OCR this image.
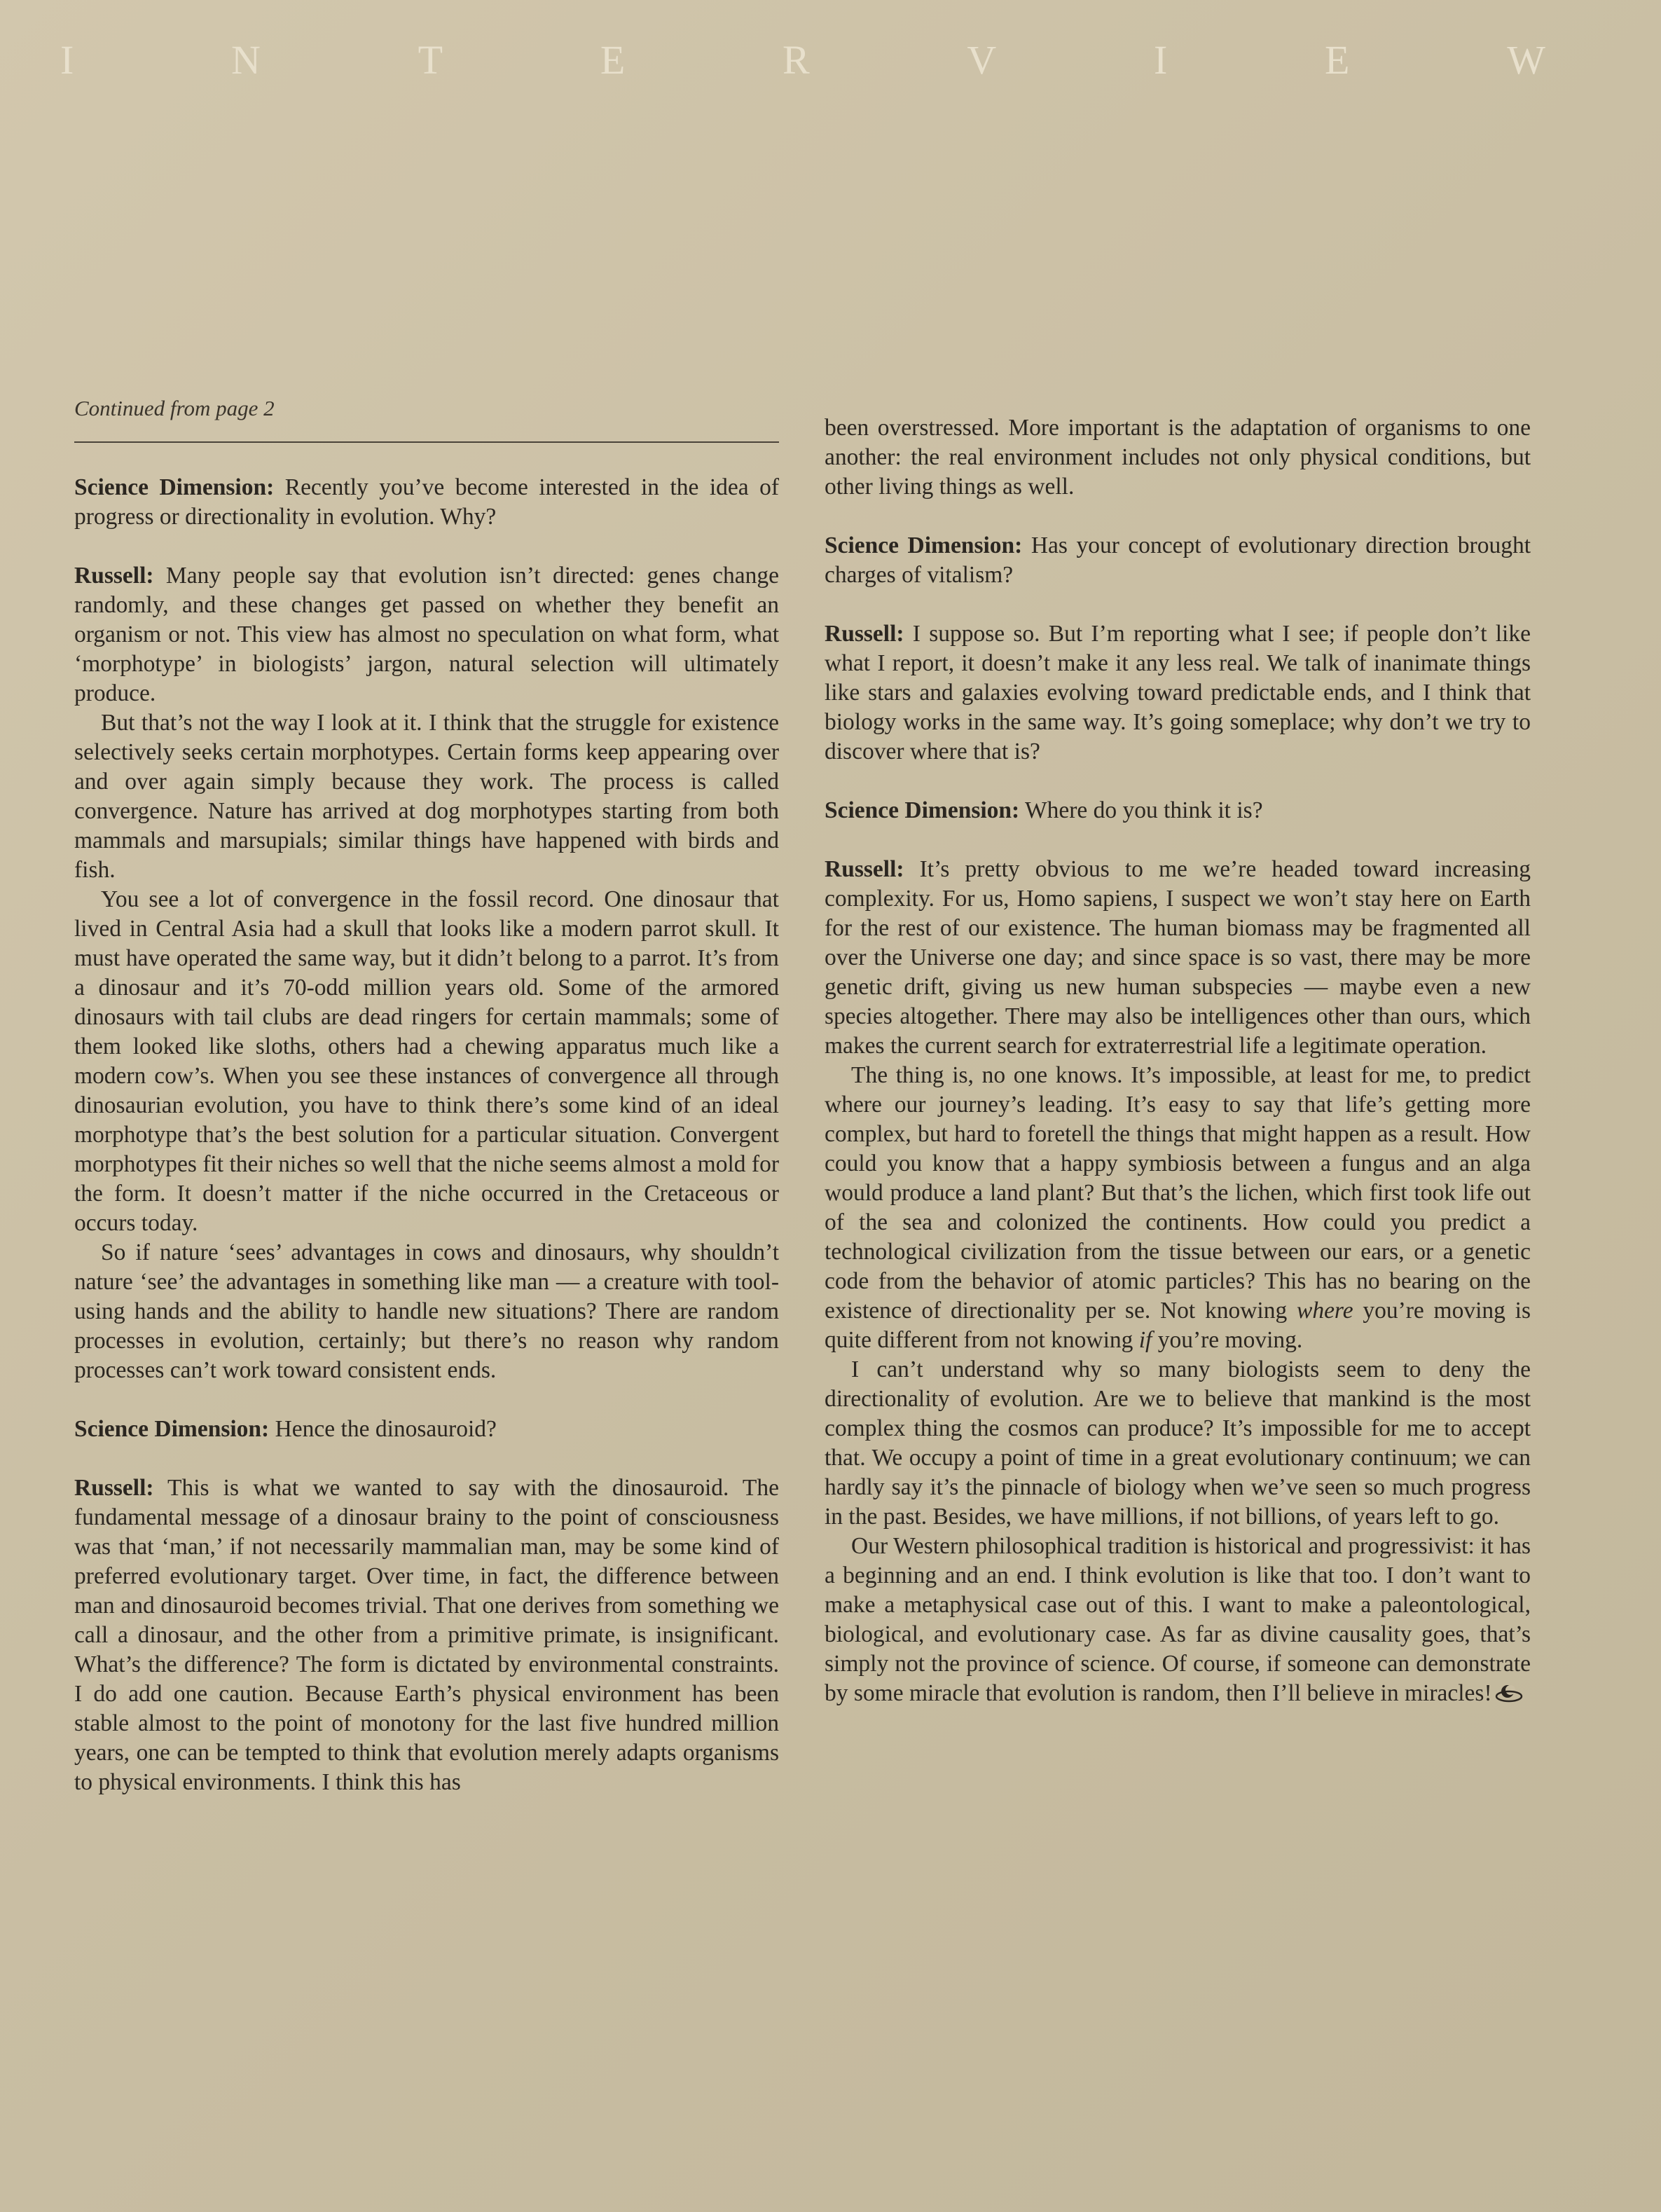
I	N	T	E	R	V	I	E	W
Continued from page 2

Science Dimension: Recently you’ve become interested in the idea of progress or directionality in evolution. Why?

Russell: Many people say that evolution isn’t directed: genes change randomly, and these changes get passed on whether they benefit an organism or not. This view has almost no speculation on what form, what ‘morphotype’ in biologists’ jargon, natural selection will ultimately produce.

But that’s not the way I look at it. I think that the struggle for existence selectively seeks certain morphotypes. Certain forms keep appearing over and over again simply because they work. The process is called convergence. Nature has arrived at dog morphotypes starting from both mammals and marsupials; similar things have happened with birds and fish.

You see a lot of convergence in the fossil record. One dinosaur that lived in Central Asia had a skull that looks like a modern parrot skull. It must have operated the same way, but it didn’t belong to a parrot. It’s from a dinosaur and it’s 70-odd million years old. Some of the armored dinosaurs with tail clubs are dead ringers for certain mammals; some of them looked like sloths, others had a chewing apparatus much like a modern cow’s. When you see these instances of convergence all through dinosaurian evolution, you have to think there’s some kind of an ideal morphotype that’s the best solution for a particular situation. Convergent morphotypes fit their niches so well that the niche seems almost a mold for the form. It doesn’t matter if the niche occurred in the Cretaceous or occurs today.

So if nature ‘sees’ advantages in cows and dinosaurs, why shouldn’t nature ‘see’ the advantages in something like man — a creature with tool-using hands and the ability to handle new situations? There are random processes in evolution, certainly; but there’s no reason why random processes can’t work toward consistent ends.

Science Dimension: Hence the dinosauroid?

Russell: This is what we wanted to say with the dinosauroid. The fundamental message of a dinosaur brainy to the point of consciousness was that ‘man,’ if not necessarily mammalian man, may be some kind of preferred evolutionary target. Over time, in fact, the difference between man and dinosauroid becomes trivial. That one derives from something we call a dinosaur, and the other from a primitive primate, is insignificant. What’s the difference? The form is dictated by environmental constraints. I do add one caution. Because Earth’s physical environment has been stable almost to the point of monotony for the last five hundred million years, one can be tempted to think that evolution merely adapts organisms to physical environments. I think this has

been overstressed. More important is the adaptation of organisms to one another: the real environment includes not only physical conditions, but other living things as well.

Science Dimension: Has your concept of evolutionary direction brought charges of vitalism?

Russell: I suppose so. But I’m reporting what I see; if people don’t like what I report, it doesn’t make it any less real. We talk of inanimate things like stars and galaxies evolving toward predictable ends, and I think that biology works in the same way. It’s going someplace; why don’t we try to discover where that is?

Science Dimension: Where do you think it is?

Russell: It’s pretty obvious to me we’re headed toward increasing complexity. For us, Homo sapiens, I suspect we won’t stay here on Earth for the rest of our existence. The human biomass may be fragmented all over the Universe one day; and since space is so vast, there may be more genetic drift, giving us new human subspecies — maybe even a new species altogether. There may also be intelligences other than ours, which makes the current search for extraterrestrial life a legitimate operation.

The thing is, no one knows. It’s impossible, at least for me, to predict where our journey’s leading. It’s easy to say that life’s getting more complex, but hard to foretell the things that might happen as a result. How could you know that a happy symbiosis between a fungus and an alga would produce a land plant? But that’s the lichen, which first took life out of the sea and colonized the continents. How could you predict a technological civilization from the tissue between our ears, or a genetic code from the behavior of atomic particles? This has no bearing on the existence of directionality per se. Not knowing where you’re moving is quite different from not knowing if you’re moving.

I can’t understand why so many biologists seem to deny the directionality of evolution. Are we to believe that mankind is the most complex thing the cosmos can produce? It’s impossible for me to accept that. We occupy a point of time in a great evolutionary continuum; we can hardly say it’s the pinnacle of biology when we’ve seen so much progress in the past. Besides, we have millions, if not billions, of years left to go.

Our Western philosophical tradition is historical and progressivist: it has a beginning and an end. I think evolution is like that too. I don’t want to make a metaphysical case out of this. I want to make a paleontological, biological, and evolutionary case. As far as divine causality goes, that’s simply not the province of science. Of course, if someone can demonstrate by some miracle that evolution is random, then I’ll believe in miracles!
